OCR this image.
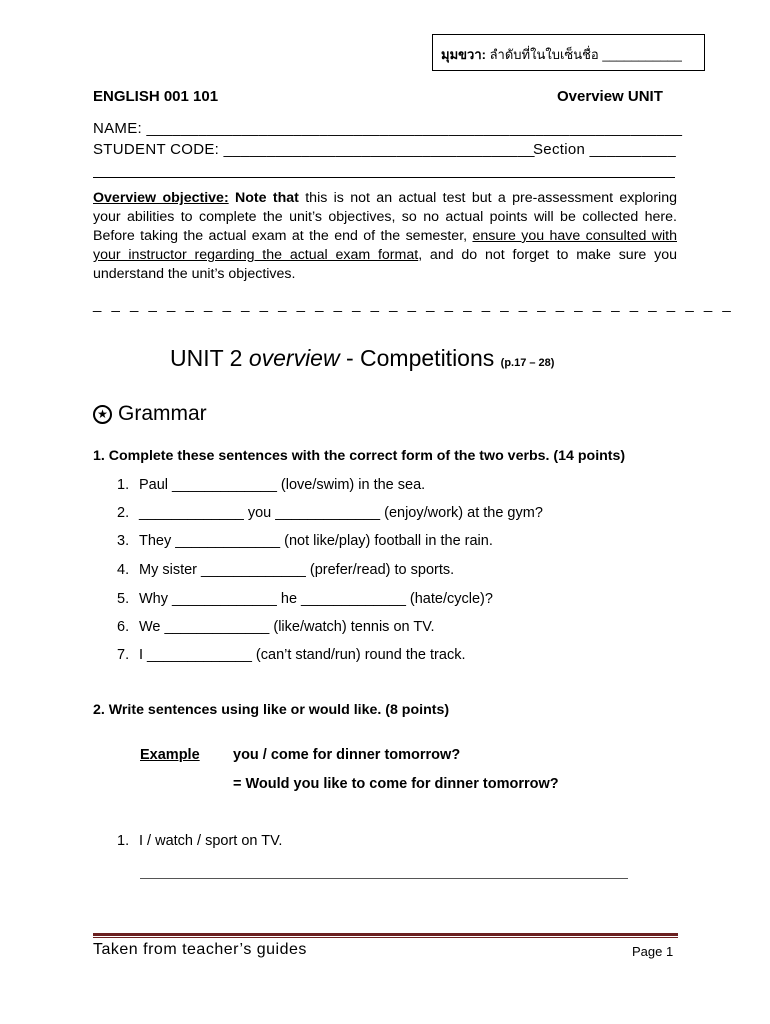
มุมขวา: ลำดับที่ในใบเซ็นชื่อ ___________
ENGLISH 001 101	Overview UNIT
NAME: ______________________________________________________________
STUDENT CODE: ____________________________________
Section __________
Overview objective: Note that this is not an actual test but a pre-assessment exploring your abilities to complete the unit’s objectives, so no actual points will be collected here. Before taking the actual exam at the end of the semester, ensure you have consulted with your instructor regarding the actual exam format, and do not forget to make sure you understand the unit’s objectives.
_ _ _ _ _ _ _ _ _ _ _ _ _ _ _ _ _ _ _ _ _ _ _ _ _ _ _ _ _ _ _ _ _ _ _
UNIT 2 overview - Competitions (p.17 – 28)
★ Grammar
1. Complete these sentences with the correct form of the two verbs. (14 points)
1. Paul _____________ (love/swim) in the sea.
2. _____________ you _____________ (enjoy/work) at the gym?
3. They _____________ (not like/play) football in the rain.
4. My sister _____________ (prefer/read) to sports.
5. Why _____________ he _____________ (hate/cycle)?
6. We _____________ (like/watch) tennis on TV.
7. I _____________ (can’t stand/run) round the track.
2. Write sentences using like or would like. (8 points)
Example you / come for dinner tomorrow?
= Would you like to come for dinner tomorrow?
1. I / watch / sport on TV.
Taken from teacher’s guides	Page 1
